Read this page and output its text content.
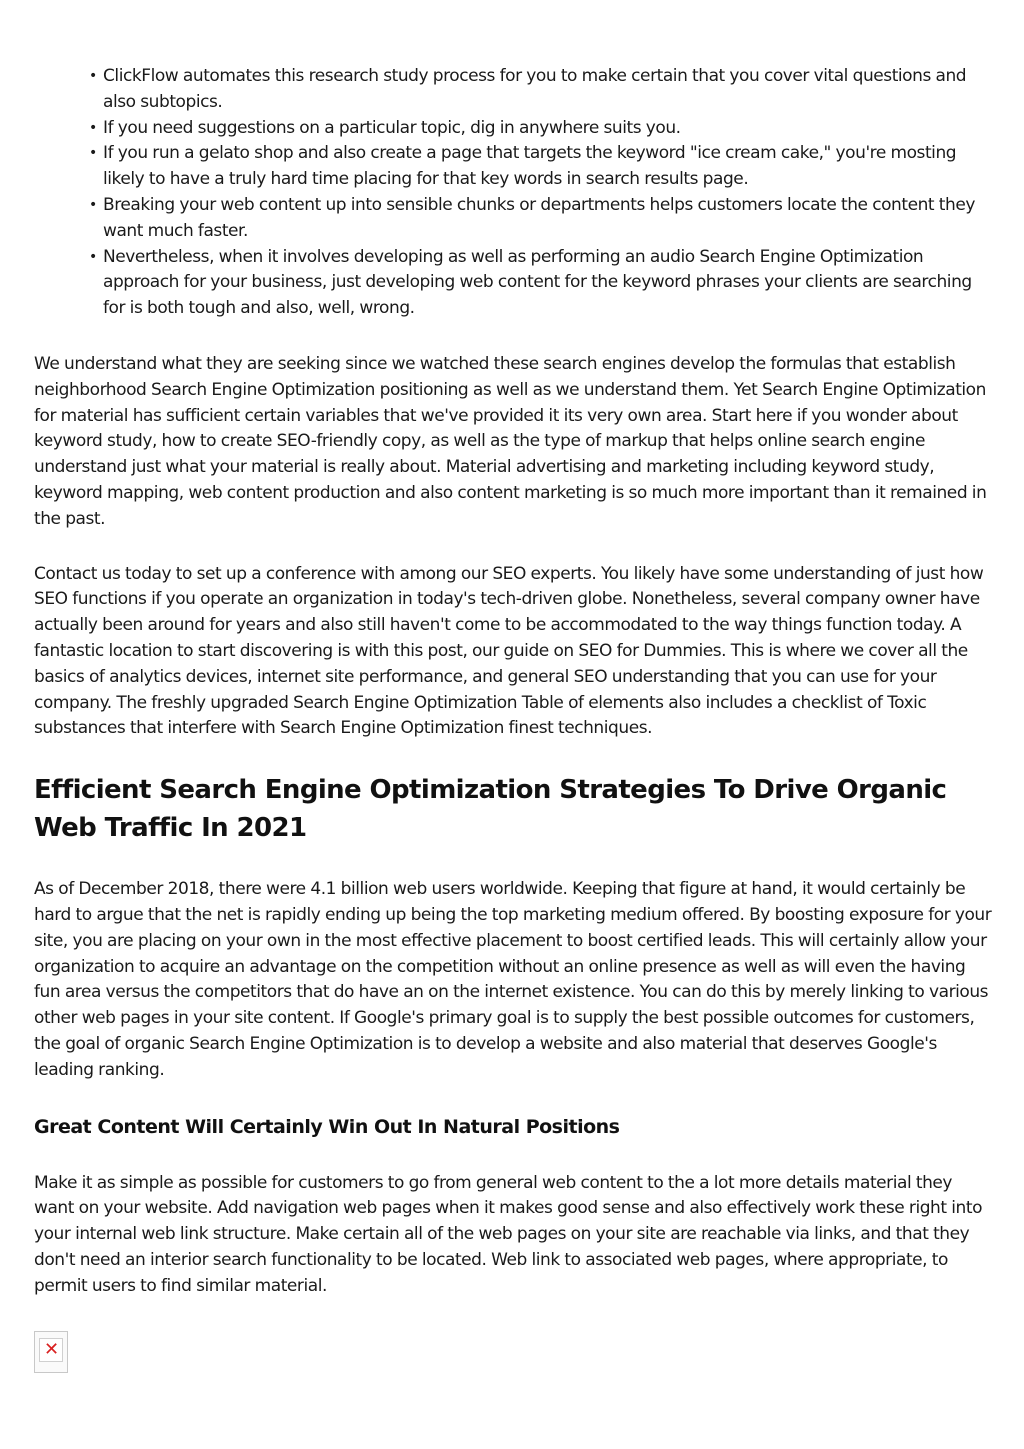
• ClickFlow automates this research study process for you to make certain that you cover vital questions and also subtopics.
• If you need suggestions on a particular topic, dig in anywhere suits you.
• If you run a gelato shop and also create a page that targets the keyword "ice cream cake," you're mosting likely to have a truly hard time placing for that key words in search results page.
• Breaking your web content up into sensible chunks or departments helps customers locate the content they want much faster.
• Nevertheless, when it involves developing as well as performing an audio Search Engine Optimization approach for your business, just developing web content for the keyword phrases your clients are searching for is both tough and also, well, wrong.

We understand what they are seeking since we watched these search engines develop the formulas that establish neighborhood Search Engine Optimization positioning as well as we understand them. Yet Search Engine Optimization for material has sufficient certain variables that we've provided it its very own area. Start here if you wonder about keyword study, how to create SEO-friendly copy, as well as the type of markup that helps online search engine understand just what your material is really about. Material advertising and marketing including keyword study, keyword mapping, web content production and also content marketing is so much more important than it remained in the past.

Contact us today to set up a conference with among our SEO experts. You likely have some understanding of just how SEO functions if you operate an organization in today's tech-driven globe. Nonetheless, several company owner have actually been around for years and also still haven't come to be accommodated to the way things function today. A fantastic location to start discovering is with this post, our guide on SEO for Dummies. This is where we cover all the basics of analytics devices, internet site performance, and general SEO understanding that you can use for your company. The freshly upgraded Search Engine Optimization Table of elements also includes a checklist of Toxic substances that interfere with Search Engine Optimization finest techniques.

Efficient Search Engine Optimization Strategies To Drive Organic Web Traffic In 2021

As of December 2018, there were 4.1 billion web users worldwide. Keeping that figure at hand, it would certainly be hard to argue that the net is rapidly ending up being the top marketing medium offered. By boosting exposure for your site, you are placing on your own in the most effective placement to boost certified leads. This will certainly allow your organization to acquire an advantage on the competition without an online presence as well as will even the having fun area versus the competitors that do have an on the internet existence. You can do this by merely linking to various other web pages in your site content. If Google's primary goal is to supply the best possible outcomes for customers, the goal of organic Search Engine Optimization is to develop a website and also material that deserves Google's leading ranking.

Great Content Will Certainly Win Out In Natural Positions

Make it as simple as possible for customers to go from general web content to the a lot more details material they want on your website. Add navigation web pages when it makes good sense and also effectively work these right into your internal web link structure. Make certain all of the web pages on your site are reachable via links, and that they don't need an interior search functionality to be located. Web link to associated web pages, where appropriate, to permit users to find similar material.

✕
